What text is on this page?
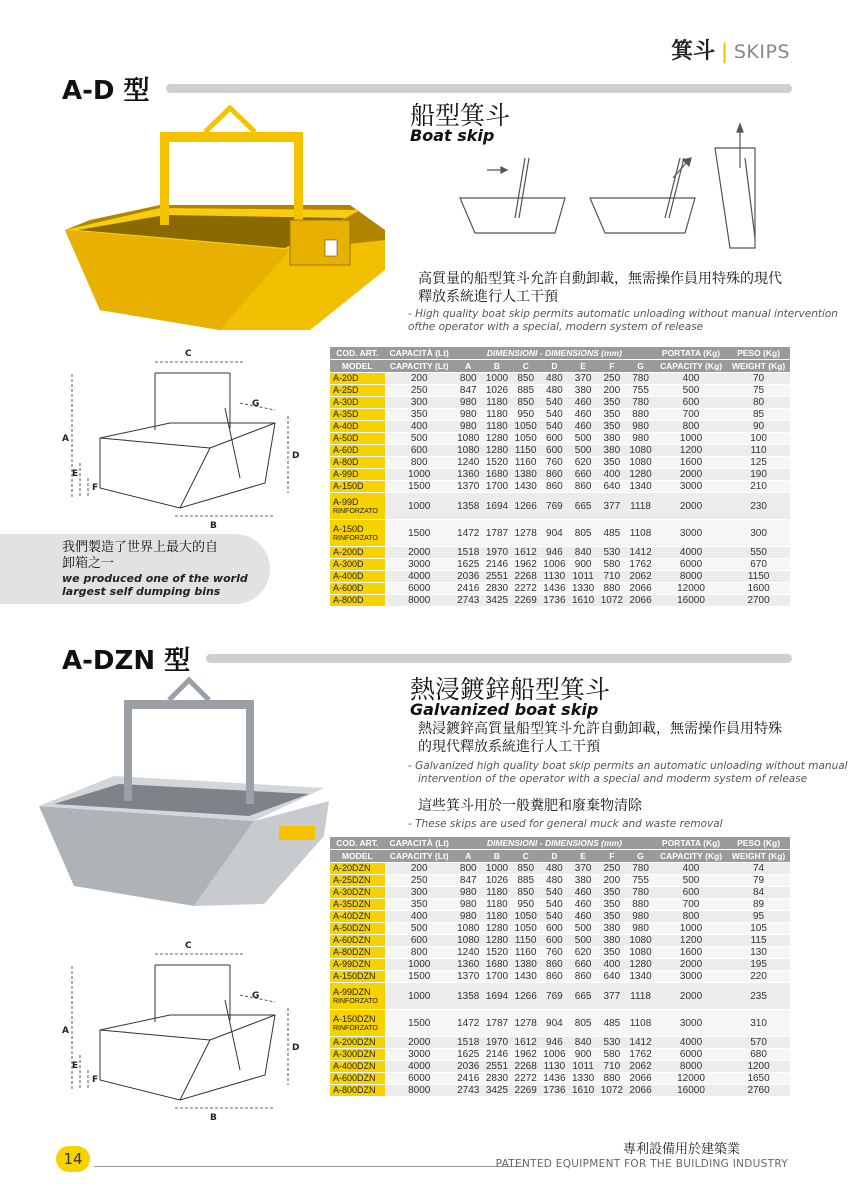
箕斗 | SKIPS
A-D 型
船型箕斗
Boat skip
高質量的船型箕斗允許自動卸載，無需操作員用特殊的現代
釋放系統進行人工干預
- High quality boat skip permits automatic unloading without manual intervention of the operator with a special, modern system of release
C
A
D
B
E
F
G
我們製造了世界上最大的自
卸箱之一
we produced one of the world
largest self dumping bins
COD. ART.	CAPACITÀ (Lt)	DIMENSIONI - DIMENSIONS (mm)							PORTATA (Kg)	PESO (Kg)
MODEL	CAPACITY (Lt)	A	B	C	D	E	F	G	CAPACITY (Kg)	WEIGHT (Kg)
A-20D	200	800	1000	850	480	370	250	780	400	70
A-25D	250	847	1026	885	480	380	200	755	500	75
A-30D	300	980	1180	850	540	460	350	780	600	80
A-35D	350	980	1180	950	540	460	350	880	700	85
A-40D	400	980	1180	1050	540	460	350	980	800	90
A-50D	500	1080	1280	1050	600	500	380	980	1000	100
A-60D	600	1080	1280	1150	600	500	380	1080	1200	110
A-80D	800	1240	1520	1160	760	620	350	1080	1600	125
A-99D	1000	1360	1680	1380	860	660	400	1280	2000	190
A-150D	1500	1370	1700	1430	860	860	640	1340	3000	210
A-99D
RINFORZATO	1000	1358	1694	1266	769	665	377	1118	2000	230
A-150D
RINFORZATO	1500	1472	1787	1278	904	805	485	1108	3000	300
A-200D	2000	1518	1970	1612	946	840	530	1412	4000	550
A-300D	3000	1625	2146	1962	1006	900	580	1762	6000	670
A-400D	4000	2036	2551	2268	1130	1011	710	2062	8000	1150
A-600D	6000	2416	2830	2272	1436	1330	880	2066	12000	1600
A-800D	8000	2743	3425	2269	1736	1610	1072	2066	16000	2700
A-DZN 型
熱浸鍍鋅船型箕斗
Galvanized boat skip
熱浸鍍鋅高質量船型箕斗允許自動卸載，無需操作員用特殊
的現代釋放系統進行人工干預
- Galvanized high quality boat skip permits an automatic unloading without manual
intervention of the operator with a special and moderm system of release
這些箕斗用於一般糞肥和廢棄物清除
- These skips are used for general muck and waste removal
C
A
D
B
E
F
G
COD. ART.	CAPACITÀ (Lt)	DIMENSIONI - DIMENSIONS (mm)							PORTATA (Kg)	PESO (Kg)
MODEL	CAPACITY (Lt)	A	B	C	D	E	F	G	CAPACITY (Kg)	WEIGHT (Kg)
A-20DZN	200	800	1000	850	480	370	250	780	400	74
A-25DZN	250	847	1026	885	480	380	200	755	500	79
A-30DZN	300	980	1180	850	540	460	350	780	600	84
A-35DZN	350	980	1180	950	540	460	350	880	700	89
A-40DZN	400	980	1180	1050	540	460	350	980	800	95
A-50DZN	500	1080	1280	1050	600	500	380	980	1000	105
A-60DZN	600	1080	1280	1150	600	500	380	1080	1200	115
A-80DZN	800	1240	1520	1160	760	620	350	1080	1600	130
A-99DZN	1000	1360	1680	1380	860	660	400	1280	2000	195
A-150DZN	1500	1370	1700	1430	860	860	640	1340	3000	220
A-99DZN
RINFORZATO	1000	1358	1694	1266	769	665	377	1118	2000	235
A-150DZN
RINFORZATO	1500	1472	1787	1278	904	805	485	1108	3000	310
A-200DZN	2000	1518	1970	1612	946	840	530	1412	4000	570
A-300DZN	3000	1625	2146	1962	1006	900	580	1762	6000	680
A-400DZN	4000	2036	2551	2268	1130	1011	710	2062	8000	1200
A-600DZN	6000	2416	2830	2272	1436	1330	880	2066	12000	1650
A-800DZN	8000	2743	3425	2269	1736	1610	1072	2066	16000	2760
14
專利設備用於建築業
PATENTED EQUIPMENT FOR THE BUILDING INDUSTRY
